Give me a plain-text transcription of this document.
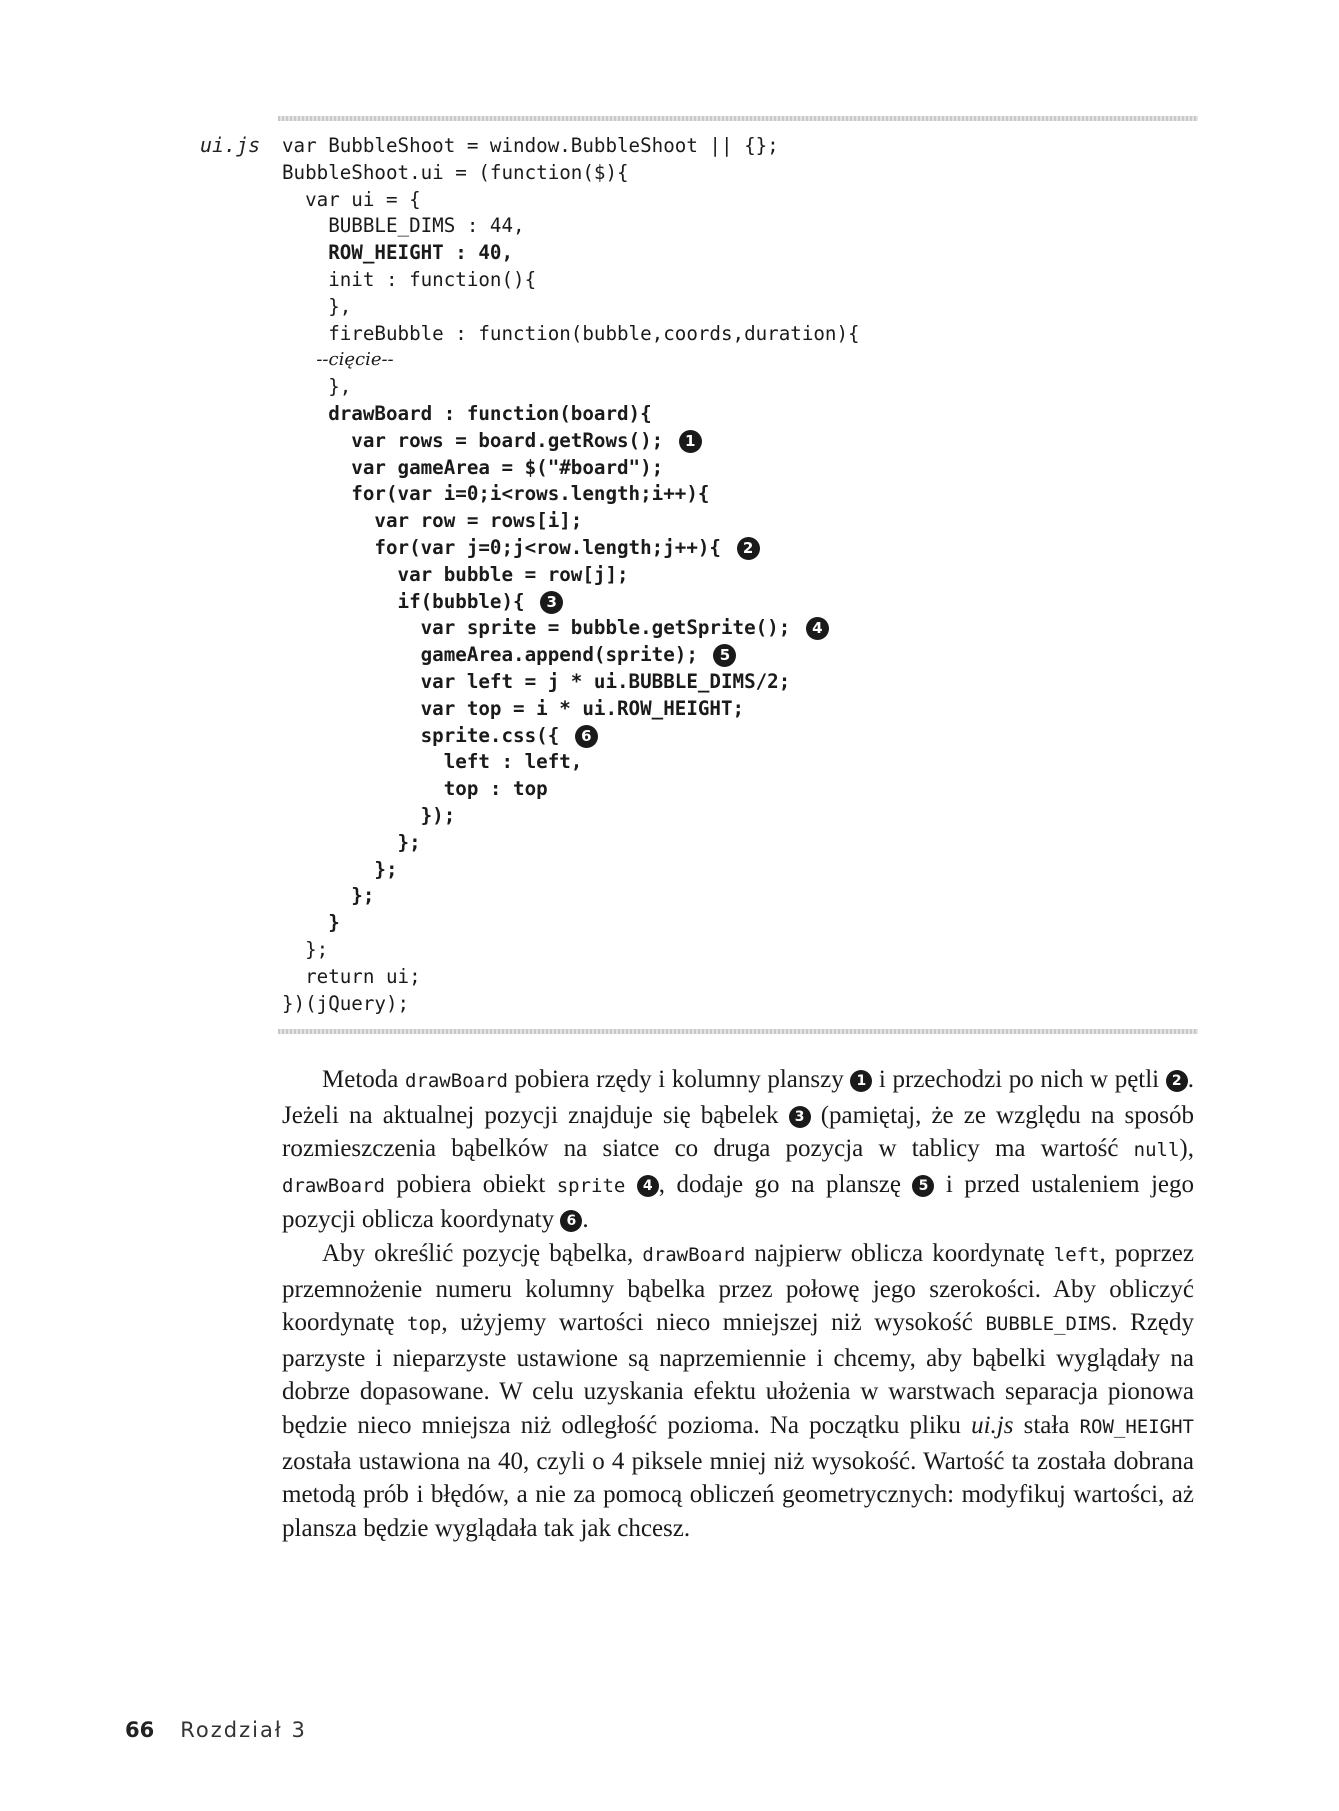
ui.js var BubbleShoot = window.BubbleShoot || {};
BubbleShoot.ui = (function($){
var ui = {
BUBBLE_DIMS : 44,
ROW_HEIGHT : 40,
init : function(){
},
fireBubble : function(bubble,coords,duration){
--cięcie--
},
drawBoard : function(board){
var rows = board.getRows(); 1
var gameArea = $("#board");
for(var i=0;i<rows.length;i++){
var row = rows[i];
for(var j=0;j<row.length;j++){ 2
var bubble = row[j];
if(bubble){ 3
var sprite = bubble.getSprite(); 4
gameArea.append(sprite); 5
var left = j * ui.BUBBLE_DIMS/2;
var top = i * ui.ROW_HEIGHT;
sprite.css({ 6
left : left,
top : top
});
};
};
};
}
};
return ui;
})(jQuery);

Metoda drawBoard pobiera rzędy i kolumny planszy 1 i przechodzi po nich w pętli 2 . Jeżeli na aktualnej pozycji znajduje się bąbelek 3 (pamiętaj, że ze względu na sposób rozmieszczenia bąbelków na siatce co druga pozycja w tablicy ma wartość null), drawBoard pobiera obiekt sprite 4 , dodaje go na planszę 5 i przed ustaleniem jego pozycji oblicza koordynaty 6 .

Aby określić pozycję bąbelka, drawBoard najpierw oblicza koordynatę left, poprzez przemnożenie numeru kolumny bąbelka przez połowę jego szerokości. Aby obliczyć koordynatę top, użyjemy wartości nieco mniejszej niż wysokość BUBBLE_DIMS. Rzędy parzyste i nieparzyste ustawione są naprzemiennie i chcemy, aby bąbelki wyglądały na dobrze dopasowane. W celu uzyskania efektu ułożenia w warstwach separacja pionowa będzie nieco mniejsza niż odległość pozioma. Na początku pliku ui.js stała ROW_HEIGHT została ustawiona na 40, czyli o 4 piksele mniej niż wysokość. Wartość ta została dobrana metodą prób i błędów, a nie za pomocą obliczeń geometrycznych: modyfikuj wartości, aż plansza będzie wyglądała tak jak chcesz.

66 Rozdział 3
